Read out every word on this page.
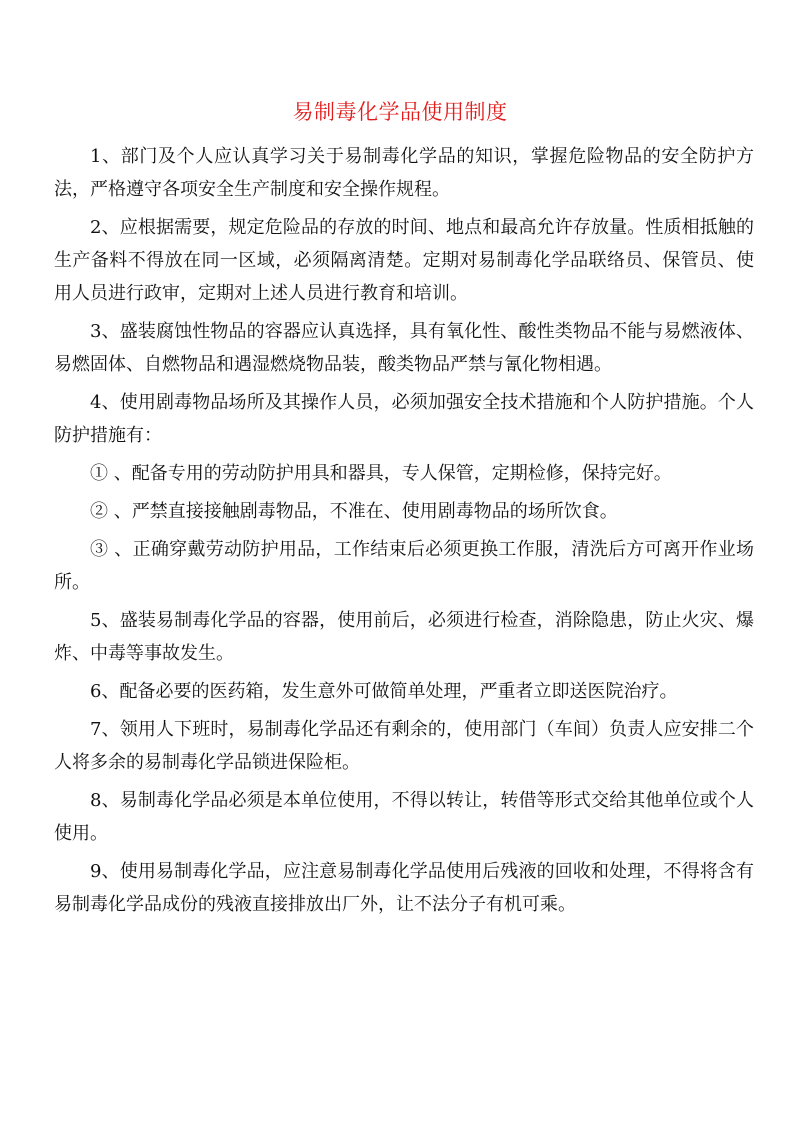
易制毒化学品使用制度

1、部门及个人应认真学习关于易制毒化学品的知识，掌握危险物品的安全防护方法，严格遵守各项安全生产制度和安全操作规程。

2、应根据需要，规定危险品的存放的时间、地点和最高允许存放量。性质相抵触的生产备料不得放在同一区域，必须隔离清楚。定期对易制毒化学品联络员、保管员、使用人员进行政审，定期对上述人员进行教育和培训。

3、盛装腐蚀性物品的容器应认真选择，具有氧化性、酸性类物品不能与易燃液体、易燃固体、自燃物品和遇湿燃烧物品装，酸类物品严禁与氰化物相遇。

4、使用剧毒物品场所及其操作人员，必须加强安全技术措施和个人防护措施。个人防护措施有：

① 、配备专用的劳动防护用具和器具，专人保管，定期检修，保持完好。

② 、严禁直接接触剧毒物品，不准在、使用剧毒物品的场所饮食。

③ 、正确穿戴劳动防护用品，工作结束后必须更换工作服，清洗后方可离开作业场所。

5、盛装易制毒化学品的容器，使用前后，必须进行检查，消除隐患，防止火灾、爆炸、中毒等事故发生。

6、配备必要的医药箱，发生意外可做简单处理，严重者立即送医院治疗。

7、领用人下班时，易制毒化学品还有剩余的，使用部门（车间）负责人应安排二个人将多余的易制毒化学品锁进保险柜。

8、易制毒化学品必须是本单位使用，不得以转让，转借等形式交给其他单位或个人使用。

9、使用易制毒化学品，应注意易制毒化学品使用后残液的回收和处理，不得将含有易制毒化学品成份的残液直接排放出厂外，让不法分子有机可乘。
